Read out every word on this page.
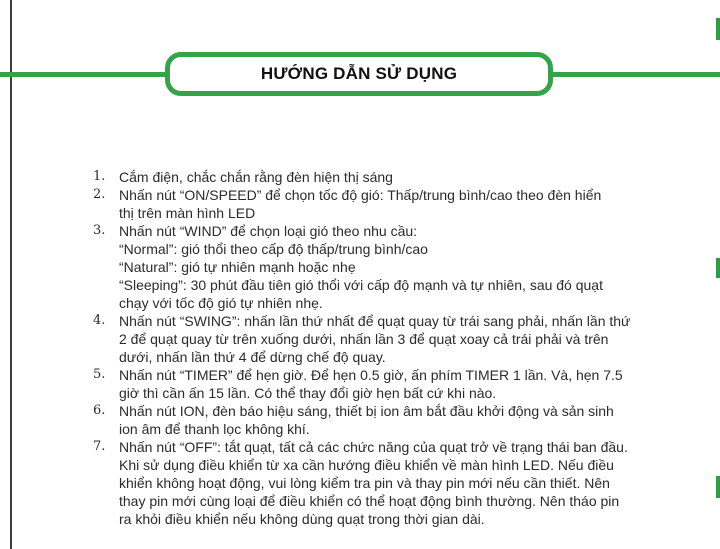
HƯỚNG DẪN SỬ DỤNG
1. Cắm điện, chắc chắn rằng đèn hiện thị sáng
2. Nhấn nút “ON/SPEED” để chọn tốc độ gió: Thấp/trung bình/cao theo đèn hiển
thị trên màn hình LED
3. Nhấn nút “WIND” để chọn loại gió theo nhu cầu:
“Normal”: gió thổi theo cấp độ thấp/trung bình/cao
“Natural”: gió tự nhiên mạnh hoặc nhẹ
“Sleeping”: 30 phút đầu tiên gió thổi với cấp độ mạnh và tự nhiên, sau đó quạt
chạy với tốc độ gió tự nhiên nhẹ.
4. Nhấn nút “SWING”: nhấn lần thứ nhất để quạt quay từ trái sang phải, nhấn lần thứ
2 để quạt quay từ trên xuống dưới, nhấn lần 3 để quạt xoay cả trái phải và trên
dưới, nhấn lần thứ 4 để dừng chế độ quay.
5. Nhấn nút “TIMER” để hẹn giờ. Để hẹn 0.5 giờ, ấn phím TIMER 1 lần. Và, hẹn 7.5
giờ thì cần ấn 15 lần. Có thể thay đổi giờ hẹn bất cứ khi nào.
6. Nhấn nút ION, đèn báo hiệu sáng, thiết bị ion âm bắt đầu khởi động và sản sinh
ion âm để thanh lọc không khí.
7. Nhấn nút “OFF”: tắt quạt, tất cả các chức năng của quạt trở về trạng thái ban đầu.
Khi sử dụng điều khiển từ xa cần hướng điều khiển về màn hình LED. Nếu điều
khiển không hoạt động, vui lòng kiểm tra pin và thay pin mới nếu cần thiết. Nên
thay pin mới cùng loại để điều khiển có thể hoạt động bình thường. Nên tháo pin
ra khỏi điều khiển nếu không dùng quạt trong thời gian dài.
